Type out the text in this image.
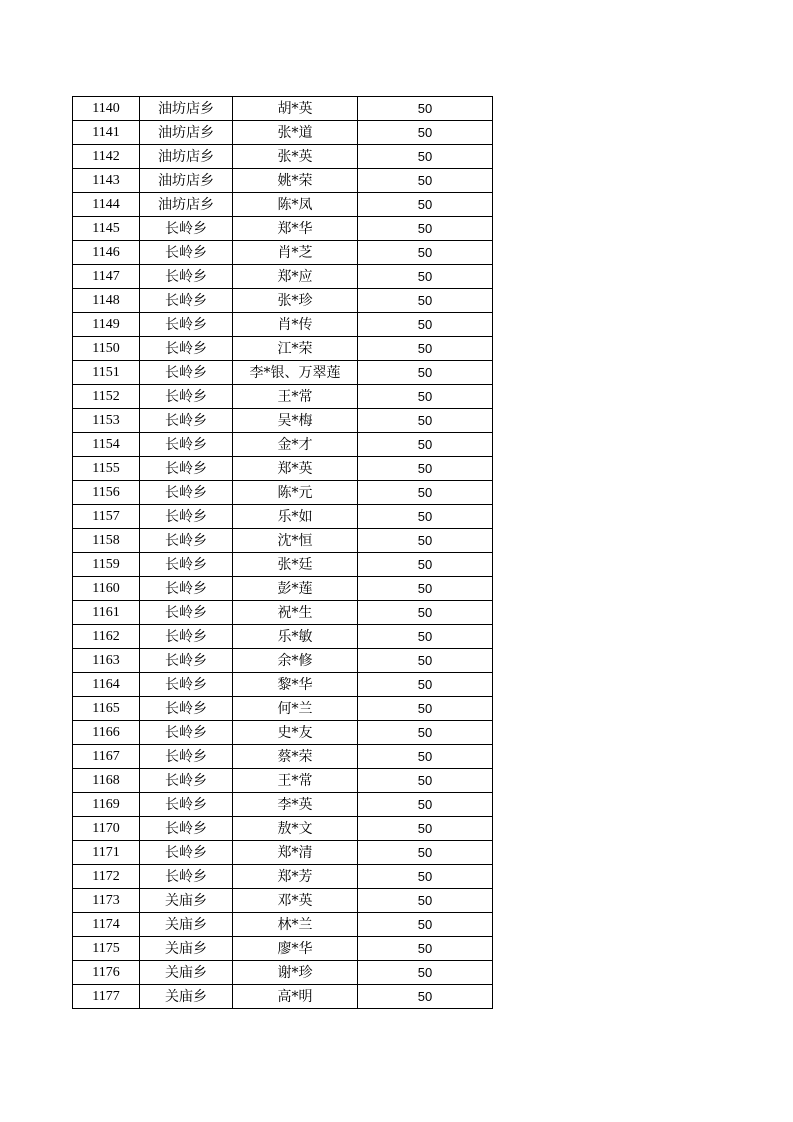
1140	油坊店乡	胡*英	50
1141	油坊店乡	张*道	50
1142	油坊店乡	张*英	50
1143	油坊店乡	姚*荣	50
1144	油坊店乡	陈*凤	50
1145	长岭乡	郑*华	50
1146	长岭乡	肖*芝	50
1147	长岭乡	郑*应	50
1148	长岭乡	张*珍	50
1149	长岭乡	肖*传	50
1150	长岭乡	江*荣	50
1151	长岭乡	李*银、万翠莲	50
1152	长岭乡	王*常	50
1153	长岭乡	吴*梅	50
1154	长岭乡	金*才	50
1155	长岭乡	郑*英	50
1156	长岭乡	陈*元	50
1157	长岭乡	乐*如	50
1158	长岭乡	沈*恒	50
1159	长岭乡	张*廷	50
1160	长岭乡	彭*莲	50
1161	长岭乡	祝*生	50
1162	长岭乡	乐*敏	50
1163	长岭乡	余*修	50
1164	长岭乡	黎*华	50
1165	长岭乡	何*兰	50
1166	长岭乡	史*友	50
1167	长岭乡	蔡*荣	50
1168	长岭乡	王*常	50
1169	长岭乡	李*英	50
1170	长岭乡	敖*文	50
1171	长岭乡	郑*清	50
1172	长岭乡	郑*芳	50
1173	关庙乡	邓*英	50
1174	关庙乡	林*兰	50
1175	关庙乡	廖*华	50
1176	关庙乡	谢*珍	50
1177	关庙乡	高*明	50
